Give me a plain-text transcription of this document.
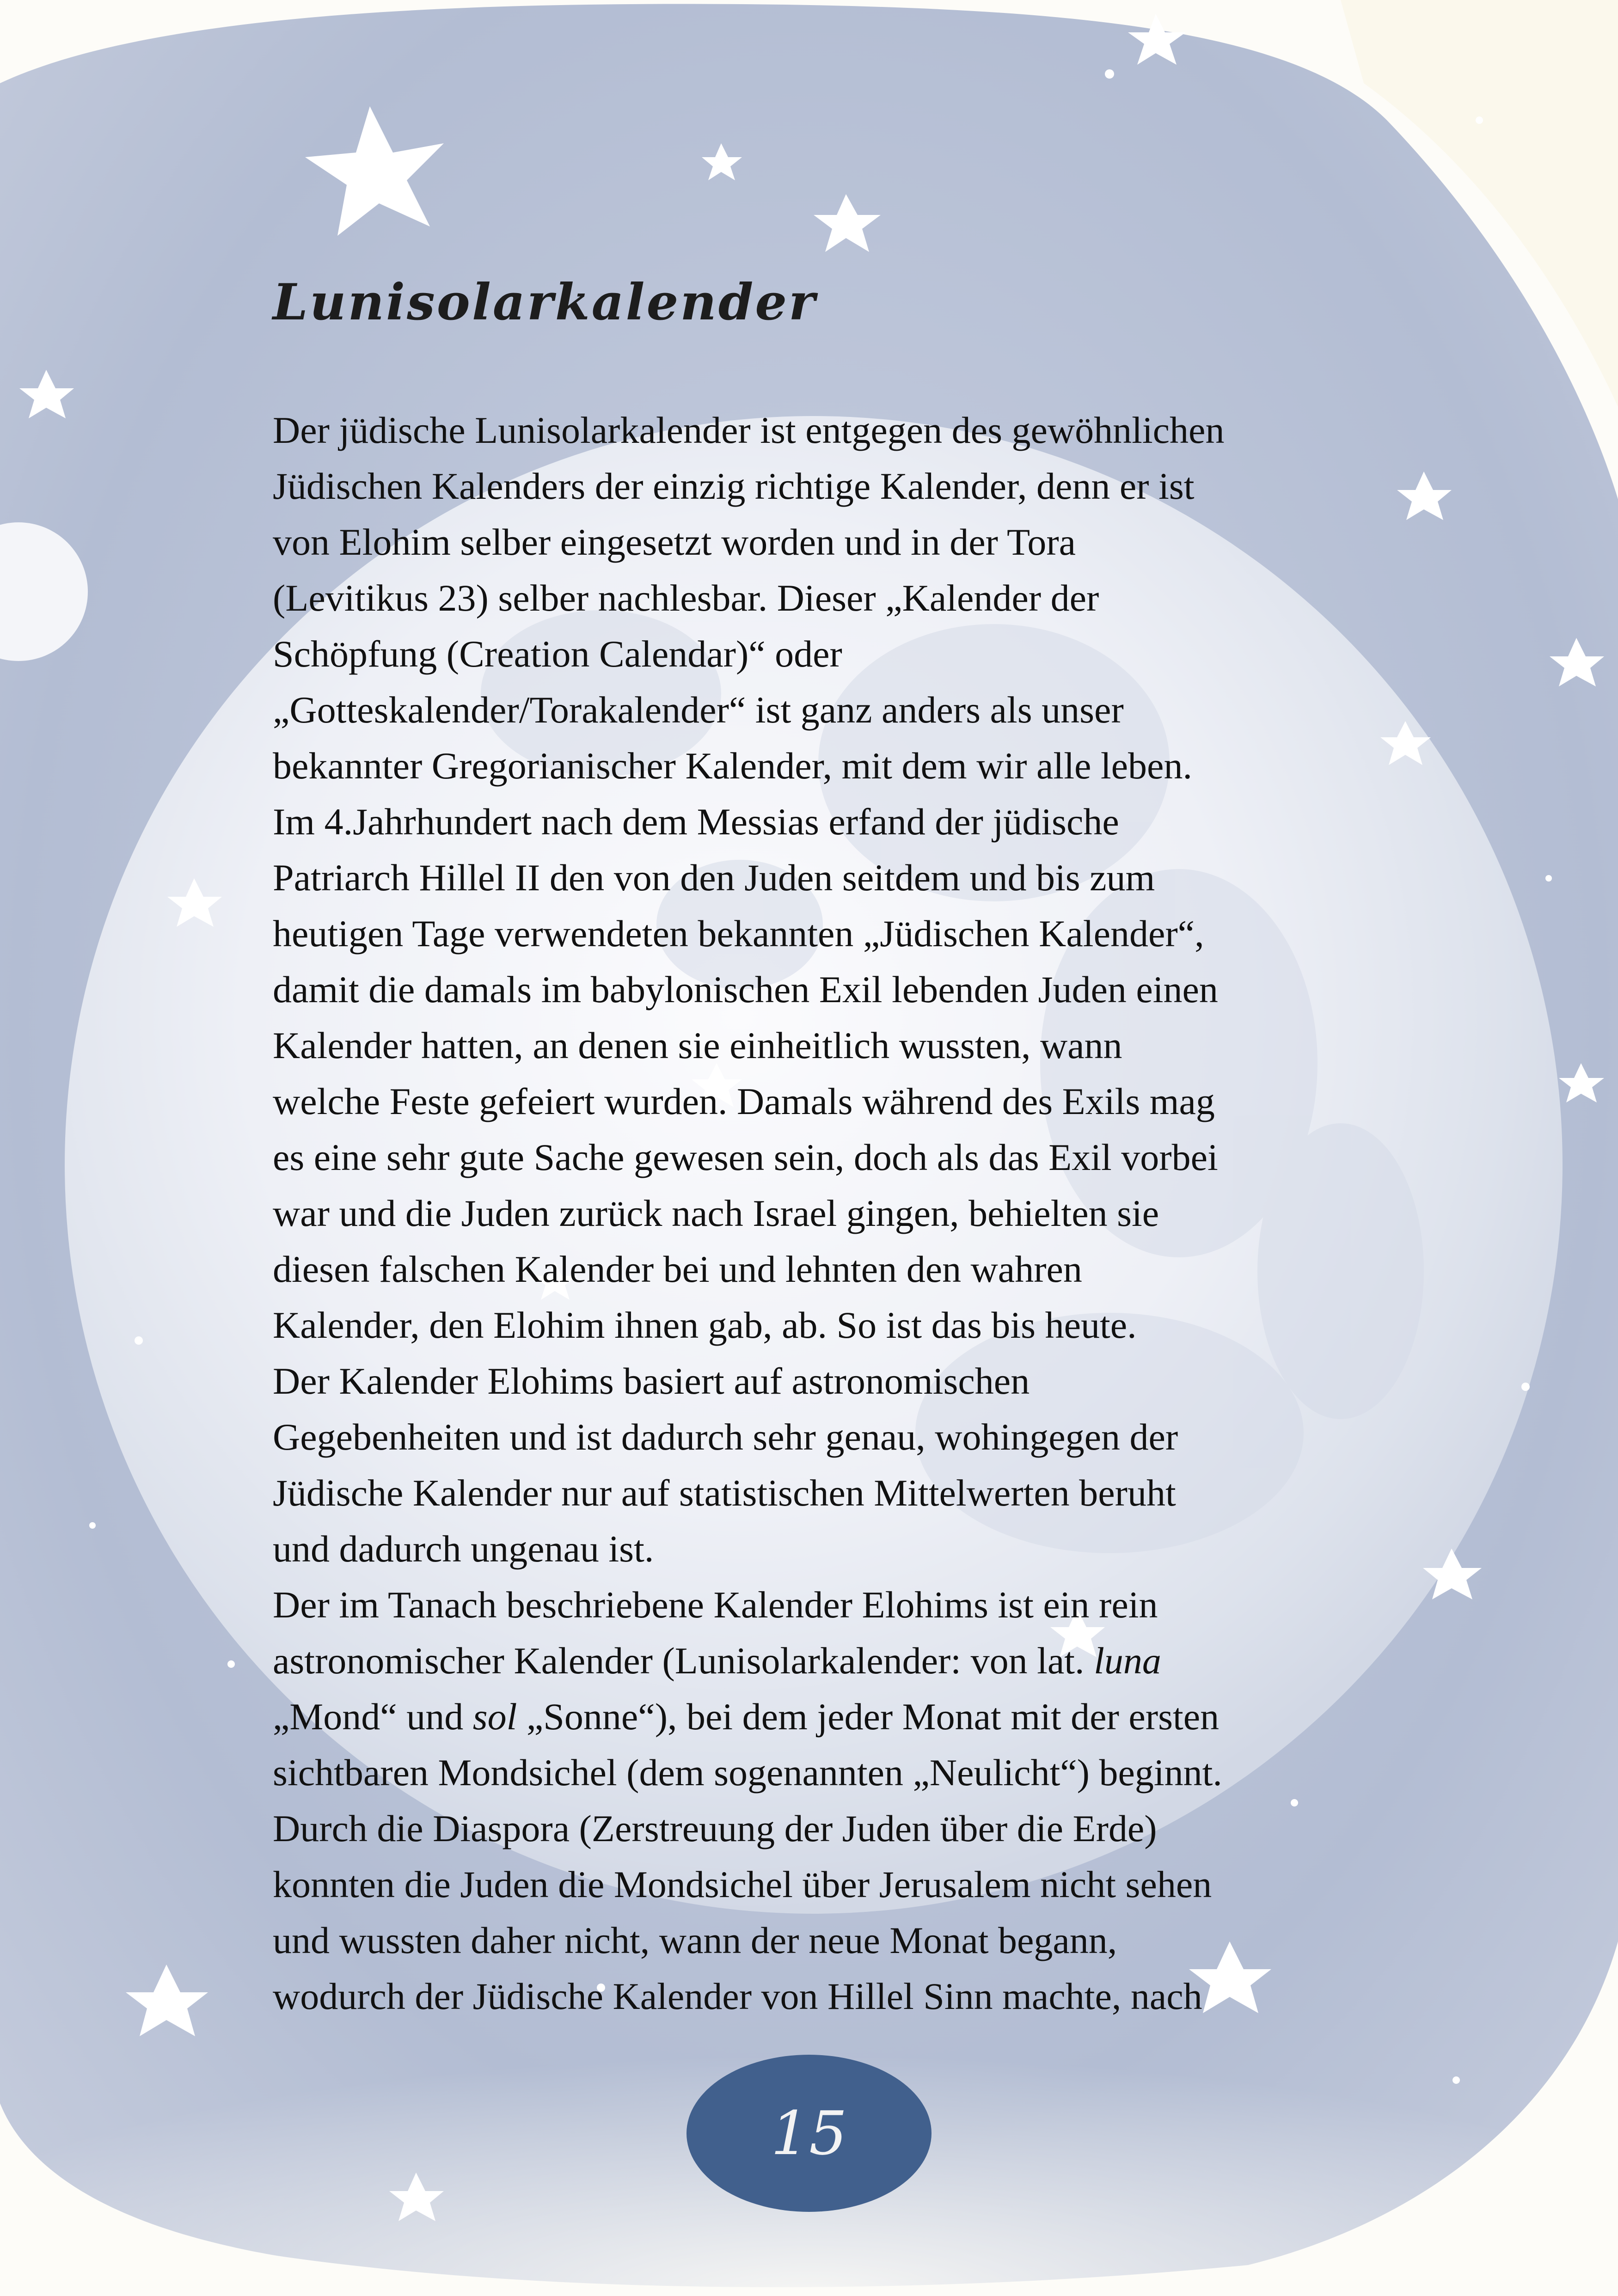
Lunisolarkalender
Der jüdische Lunisolarkalender ist entgegen des gewöhnlichen
Jüdischen Kalenders der einzig richtige Kalender, denn er ist
von Elohim selber eingesetzt worden und in der Tora
(Levitikus 23) selber nachlesbar. Dieser „Kalender der
Schöpfung (Creation Calendar)“ oder
„Gotteskalender/Torakalender“ ist ganz anders als unser
bekannter Gregorianischer Kalender, mit dem wir alle leben.
Im 4.Jahrhundert nach dem Messias erfand der jüdische
Patriarch Hillel II den von den Juden seitdem und bis zum
heutigen Tage verwendeten bekannten „Jüdischen Kalender“,
damit die damals im babylonischen Exil lebenden Juden einen
Kalender hatten, an denen sie einheitlich wussten, wann
welche Feste gefeiert wurden. Damals während des Exils mag
es eine sehr gute Sache gewesen sein, doch als das Exil vorbei
war und die Juden zurück nach Israel gingen, behielten sie
diesen falschen Kalender bei und lehnten den wahren
Kalender, den Elohim ihnen gab, ab. So ist das bis heute.
Der Kalender Elohims basiert auf astronomischen
Gegebenheiten und ist dadurch sehr genau, wohingegen der
Jüdische Kalender nur auf statistischen Mittelwerten beruht
und dadurch ungenau ist.
Der im Tanach beschriebene Kalender Elohims ist ein rein
astronomischer Kalender (Lunisolarkalender: von lat. luna
„Mond“ und sol „Sonne“), bei dem jeder Monat mit der ersten
sichtbaren Mondsichel (dem sogenannten „Neulicht“) beginnt.
Durch die Diaspora (Zerstreuung der Juden über die Erde)
konnten die Juden die Mondsichel über Jerusalem nicht sehen
und wussten daher nicht, wann der neue Monat begann,
wodurch der Jüdische Kalender von Hillel Sinn machte, nach
15
